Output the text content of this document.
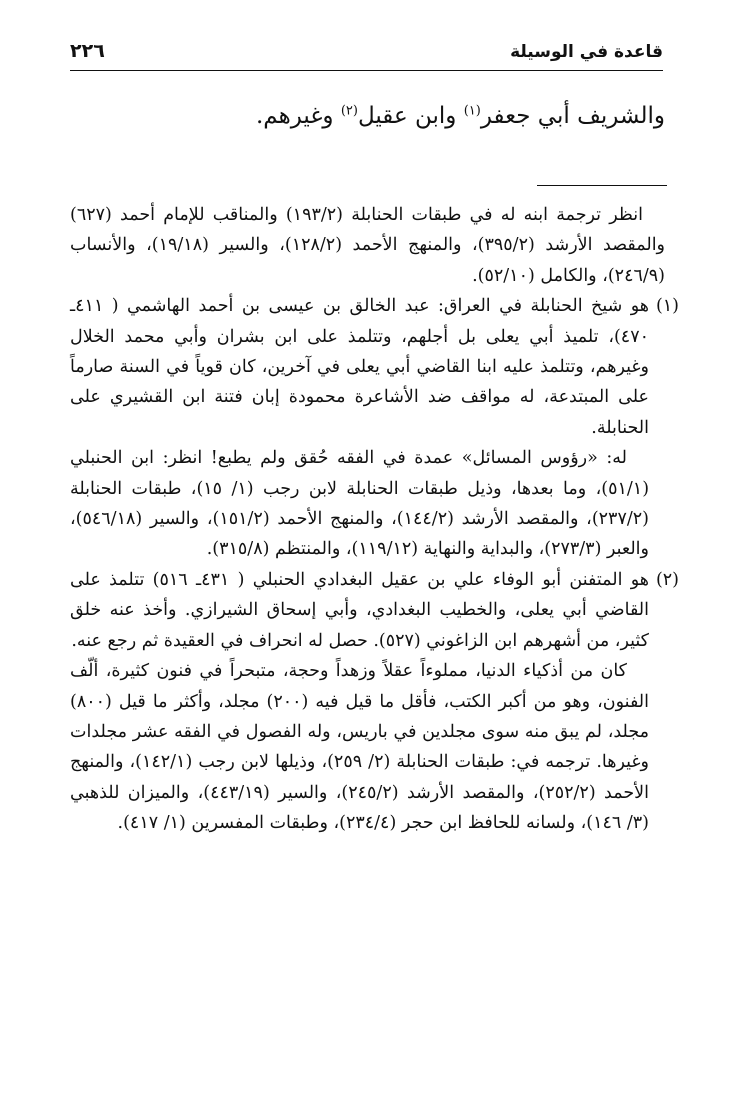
قاعدة في الوسيلة
٢٢٦
والشريف أبي جعفر$^{(١)}$ وابن عقيل$^{(٢)}$ وغيرهم.

انظر ترجمة ابنه له في طبقات الحنابلة (١٩٣/٢) والمناقب للإمام أحمد (٦٢٧) والمقصد الأرشد (٣٩٥/٢)، والمنهج الأحمد (١٢٨/٢)، والسير (١٩/١٨)، والأنساب (٢٤٦/٩)، والكامل (٥٢/١٠).

(١)

هو شيخ الحنابلة في العراق: عبد الخالق بن عيسى بن أحمد الهاشمي ( ٤١١ـ ٤٧٠)، تلميذ أبي يعلى بل أجلهم، وتتلمذ على ابن بشران وأبي محمد الخلال وغيرهم، وتتلمذ عليه ابنا القاضي أبي يعلى في آخرين، كان قوياً في السنة صارماً على المبتدعة، له مواقف ضد الأشاعرة محمودة إبان فتنة ابن القشيري على الحنابلة.

له: «رؤوس المسائل» عمدة في الفقه حُقق ولم يطبع! انظر: ابن الحنبلي (٥١/١)، وما بعدها، وذيل طبقات الحنابلة لابن رجب (١/ ١٥)، طبقات الحنابلة (٢٣٧/٢)، والمقصد الأرشد (١٤٤/٢)، والمنهج الأحمد (١٥١/٢)، والسير (٥٤٦/١٨)، والعبر (٢٧٣/٣)، والبداية والنهاية (١١٩/١٢)، والمنتظم (٣١٥/٨).

(٢)

هو المتفنن أبو الوفاء علي بن عقيل البغدادي الحنبلي ( ٤٣١ـ ٥١٦) تتلمذ على القاضي أبي يعلى، والخطيب البغدادي، وأبي إسحاق الشيرازي. وأخذ عنه خلق كثير، من أشهرهم ابن الزاغوني (٥٢٧). حصل له انحراف في العقيدة ثم رجع عنه.

كان من أذكياء الدنيا، مملوءاً عقلاً وزهداً وحجة، متبحراً في فنون كثيرة، ألّف الفنون، وهو من أكبر الكتب، فأقل ما قيل فيه (٢٠٠) مجلد، وأكثر ما قيل (٨٠٠) مجلد، لم يبق منه سوى مجلدين في باريس، وله الفصول في الفقه عشر مجلدات وغيرها. ترجمه في: طبقات الحنابلة (٢/ ٢٥٩)، وذيلها لابن رجب (١٤٢/١)، والمنهج الأحمد (٢٥٢/٢)، والمقصد الأرشد (٢٤٥/٢)، والسير (٤٤٣/١٩)، والميزان للذهبي (٣/ ١٤٦)، ولسانه للحافظ ابن حجر (٢٣٤/٤)، وطبقات المفسرين (١/ ٤١٧).
